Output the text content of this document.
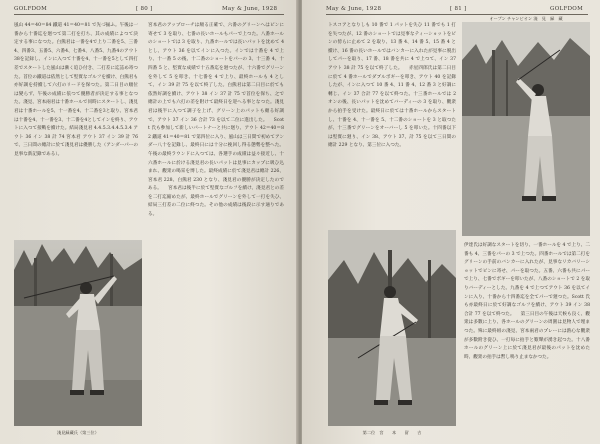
GOLFDOM	[ 80 ]	May & June, 1928

風山 44＝40＝84 鐵道 41＝40＝81 で先づ揃ふ。午後は一番から十番迄を廻つて第二打を打ち、其の成績によつて決定する事になつた。白熊君は一番を4で上り二番を5、三番4、四番3、五番5、六番4、七番4、八番5、九番4のアウト38を記録し、インに入つて十番を4、十一番を5として四打差でスタートした風山は漸く追ひ付き、二打差に迄詰め寄つた。首位の鐵道は依然として堅實なゴルフを續け、白熊君も亦好調を持續して六打のリードを保つた。第二日目の順位は變らず、午後の成績に依つて優勝者が決定する事となつた。淺見、宮本兩君は十番ホールで同時にスタートし、淺見君は十番ホールを5、十一番を4、十二番を3と取り、宮本君は十番を4、十一番を3、十二番を4としてインを終り、アウトに入つて接戰を續けた。結局淺見君 4.4.5.3.4.4.5.3.4 アウト 36 イン 38 計 74 宮本君 アウト 37 イン 39 計 76 で、三日間の總計に於て淺見君は優勝した（アンダーパーの見事な新記錄である）。

宮本君のアップローチは頗る正確で、六番のグリーンへはピンに寄せて 3 を取り、七番の長いホールもパーで上つた。八番ホールのショートでは 3 を取り、九番ホールでは長いパットを沈めて 4 とし、アウト 36 を以てインに入つた。インでは十番を 4 で上り、十一番 5 の後、十二番のショートをパーの 3、十三番 4、十四番 5 と、堅實な成績で十五番迄を廻つたが、十六番でグリーンを外して 5 を叩き、十七番を 4 で上り、最終ホールも 4 として、イン 39 計 75 を以て終了した。白熊君は第二日目に於ても依然好調を續け、アウト 38 イン 37 計 75 で首位を保ち、之で總計の上でも六打の差を附けて最終日を迎へる事となつた。淺見君は後半に入つて調子を上げ、グリーン上のパットも頗る好調で、アウト 37 イン 36 合計 73 を以て二位に進出した。 　Scott 氏も參加して新しいパートナーと共に廻り、アウト 42＝40＝82 鐵道 41＝40＝81 で第四位に入り、風山は三日間で初めてアンダー八十を記錄し、最終日には十分に挽回し得る態勢を整へた。午後の最終ラウンドに入つては、各選手の成績は益々接近し、十六番ホールに於ける淺見君の長いパットは見事にカップに吸ひ込まれ、觀衆の喝采を博した。最終成績に於て淺見君は總計 226、宮本君 228、白熊君 230 となり、淺見君の優勝が決定したのである。 　宮本君は後半に於て堅實なゴルフを續け、淺見君との差を二打迄縮めたが、最終ホールでグリーンを外して一打を失ひ、結局三打差の二位に終つた。その他の成績は後段に示す通りである。

淺見緑藏氏（第三位）
May & June, 1928	[ 81 ]	GOLFDOM

トスコアとなりしも 10 番で 1 パットを失ひ 11 番でも 1 打を失つたが、12 番のショートでは見事なティーショットをピンの傍らに止めて 2 を取り、13 番 4、14 番 5、15 番 4 と續け、16 番の長いホールではバンカーに入れたが見事に脱出してパーを取り、17 番、18 番を共に 4 で上つて、イン 37 アウト 38 計 75 を以て終了した。 　赤星四郎氏は第二日目に於て 4 番ホールでダブルボギーを叩き、アウト 40 を記錄したが、インに入つて 10 番 4、11 番 4、12 番 3 と好調に轉じ、イン 37 合計 77 を以て終つた。十三番ホールでは 2 オンの後、長いパットを沈めてバーディーの 3 を取り、觀衆から拍手を受けた。最終日に於ては十番ホールからスタートし、十番を 4、十一番を 5、十二番のショートを 3 と取つたが、十三番でグリーンをオーバーし 5 を叩いた。十四番以下は堅實に廻り、イン 38、アウト 37、計 75 を以て三日間の總計 229 となり、第三位に入つた。

オープン チャンピオン 淺　見　緑　藏
第二位　宮　　本　　留　　吉

伊達氏は好調なスタートを切り、一番ホールを 4 で上り、二番も 4、三番をパーの 3 で上つた。四番ホールでは第二打をグリーンの手前のバンカーに入れたが、見事なリカバリーショットでピンに寄せ、パーを取つた。五番、六番も共にパーで上り、七番でボギーを叩いたが、八番のショートで 2 を取りバーディーとした。九番を 4 で上つてアウト 36 を以てインに入り、十番から十四番迄を全てパーで廻つた。Scott 氏も亦最終日に於て好調なゴルフを續け、アウト 39 イン 38 合計 77 を以て終つた。 　第三日目の午後は天候も良く、觀衆は多數に上り、各ホールのグリーンの周圍は見物人で埋まつた。殊に最終組の淺見、宮本兩君のプレーには熱心な觀衆が多數附き從ひ、一打毎に拍手と歎聲が湧き起つた。十八番ホールのグリーン上に於て淺見君が最後のパットを沈めた時、觀衆の拍手は暫し鳴り止まなかつた。
